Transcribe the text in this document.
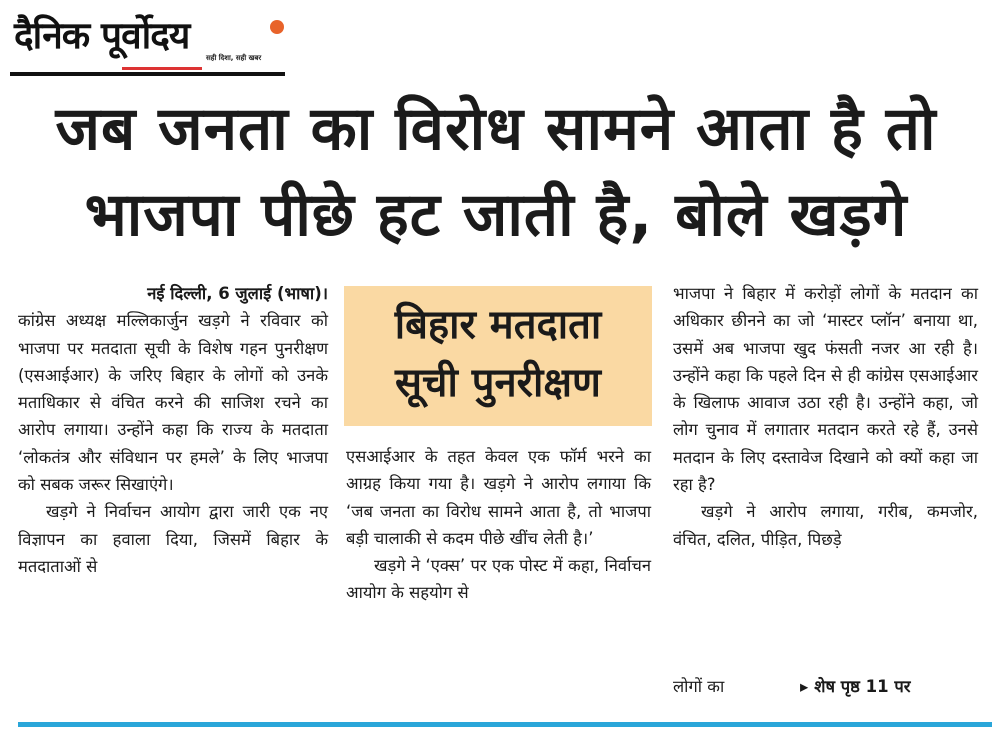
दैनिक पूर्वोदय
सही दिशा, सही खबर
जब जनता का विरोध सामने आता है तो
भाजपा पीछे हट जाती है, बोले खड़गे

नई दिल्ली, 6 जुलाई (भाषा)।

कांग्रेस अध्यक्ष मल्लिकार्जुन खड़गे ने रविवार को भाजपा पर मतदाता सूची के विशेष गहन पुनरीक्षण (एसआईआर) के जरिए बिहार के लोगों को उनके मताधिकार से वंचित करने की साजिश रचने का आरोप लगाया। उन्होंने कहा कि राज्य के मतदाता ‘लोकतंत्र और संविधान पर हमले’ के लिए भाजपा को सबक जरूर सिखाएंगे।

खड़गे ने निर्वाचन आयोग द्वारा जारी एक नए विज्ञापन का हवाला दिया, जिसमें बिहार के मतदाताओं से

बिहार मतदाता
सूची पुनरीक्षण

एसआईआर के तहत केवल एक फॉर्म भरने का आग्रह किया गया है। खड़गे ने आरोप लगाया कि ‘जब जनता का विरोध सामने आता है, तो भाजपा बड़ी चालाकी से कदम पीछे खींच लेती है।’

खड़गे ने ‘एक्स’ पर एक पोस्ट में कहा, निर्वाचन आयोग के सहयोग से

भाजपा ने बिहार में करोड़ों लोगों के मतदान का अधिकार छीनने का जो ‘मास्टर प्लॉन’ बनाया था, उसमें अब भाजपा खुद फंसती नजर आ रही है। उन्होंने कहा कि पहले दिन से ही कांग्रेस एसआईआर के खिलाफ आवाज उठा रही है। उन्होंने कहा, जो लोग चुनाव में लगातार मतदान करते रहे हैं, उनसे मतदान के लिए दस्तावेज दिखाने को क्यों कहा जा रहा है?

खड़गे ने आरोप लगाया, गरीब, कमजोर, वंचित, दलित, पीड़ित, पिछड़े

लोगों का	▸ शेष पृष्ठ 11 पर
